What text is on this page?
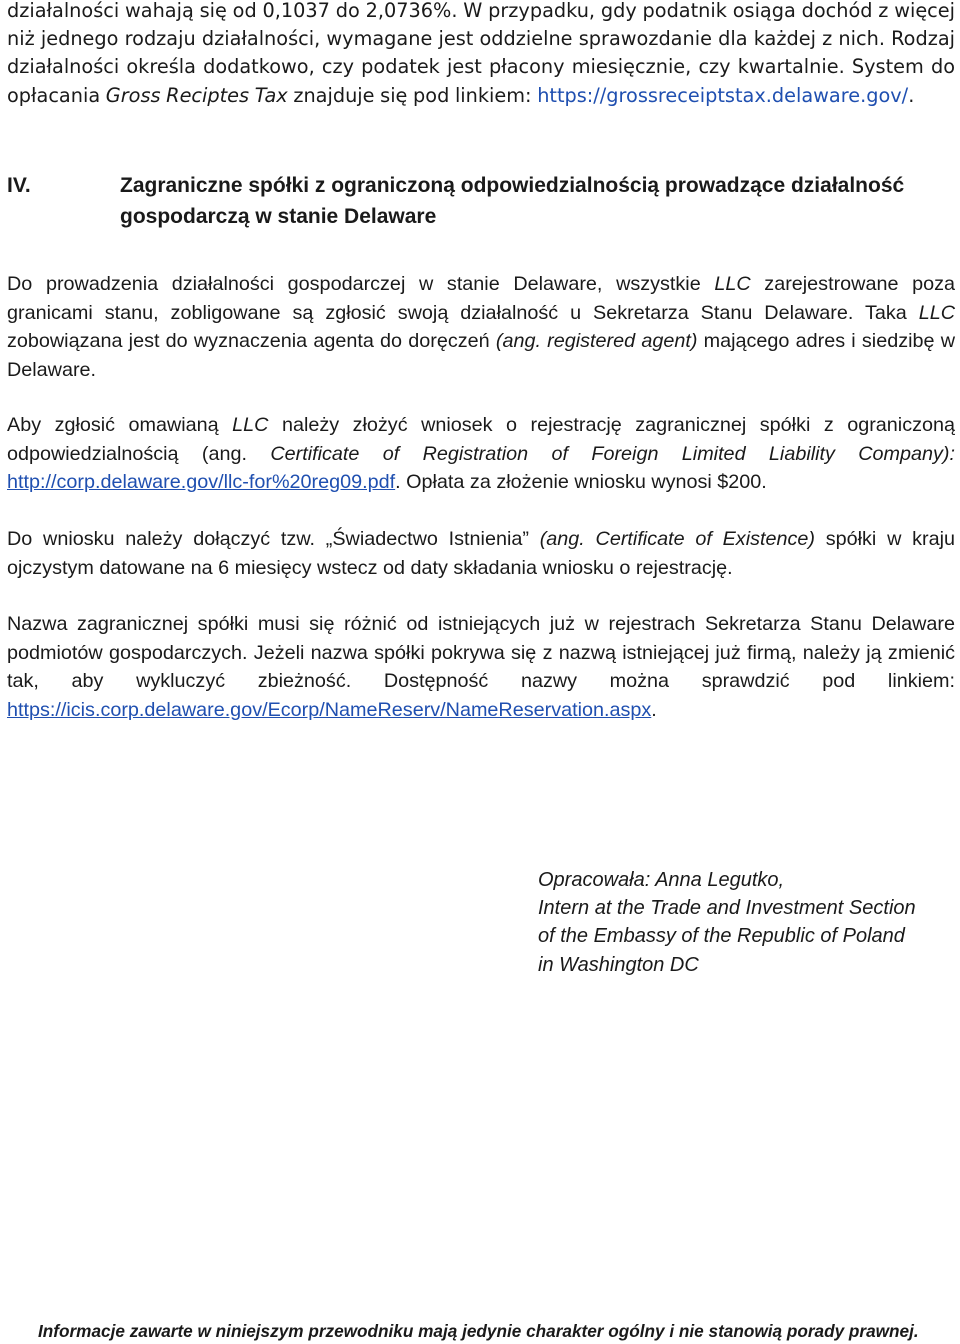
działalności wahają się od 0,1037 do 2,0736%. W przypadku, gdy podatnik osiąga dochód z więcej niż jednego rodzaju działalności, wymagane jest oddzielne sprawozdanie dla każdej z nich. Rodzaj działalności określa dodatkowo, czy podatek jest płacony miesięcznie, czy kwartalnie. System do opłacania Gross Reciptes Tax znajduje się pod linkiem: https://grossreceiptstax.delaware.gov/.

IV.	Zagraniczne spółki z ograniczoną odpowiedzialnością prowadzące działalność gospodarczą w stanie Delaware

Do prowadzenia działalności gospodarczej w stanie Delaware, wszystkie LLC zarejestrowane poza granicami stanu, zobligowane są zgłosić swoją działalność u Sekretarza Stanu Delaware. Taka LLC zobowiązana jest do wyznaczenia agenta do doręczeń (ang. registered agent) mającego adres i siedzibę w Delaware.

Aby zgłosić omawianą LLC należy złożyć wniosek o rejestrację zagranicznej spółki z ograniczoną odpowiedzialnością (ang. Certificate of Registration of Foreign Limited Liability Company): http://corp.delaware.gov/llc-for%20reg09.pdf. Opłata za złożenie wniosku wynosi $200.

Do wniosku należy dołączyć tzw. „Świadectwo Istnienia” (ang. Certificate of Existence) spółki w kraju ojczystym datowane na 6 miesięcy wstecz od daty składania wniosku o rejestrację.

Nazwa zagranicznej spółki musi się różnić od istniejących już w rejestrach Sekretarza Stanu Delaware podmiotów gospodarczych. Jeżeli nazwa spółki pokrywa się z nazwą istniejącej już firmą, należy ją zmienić tak, aby wykluczyć zbieżność. Dostępność nazwy można sprawdzić pod linkiem: https://icis.corp.delaware.gov/Ecorp/NameReserv/NameReservation.aspx.

Opracowała: Anna Legutko,
Intern at the Trade and Investment Section
of the Embassy of the Republic of Poland
in Washington DC
Informacje zawarte w niniejszym przewodniku mają jedynie charakter ogólny i nie stanowią porady prawnej.
